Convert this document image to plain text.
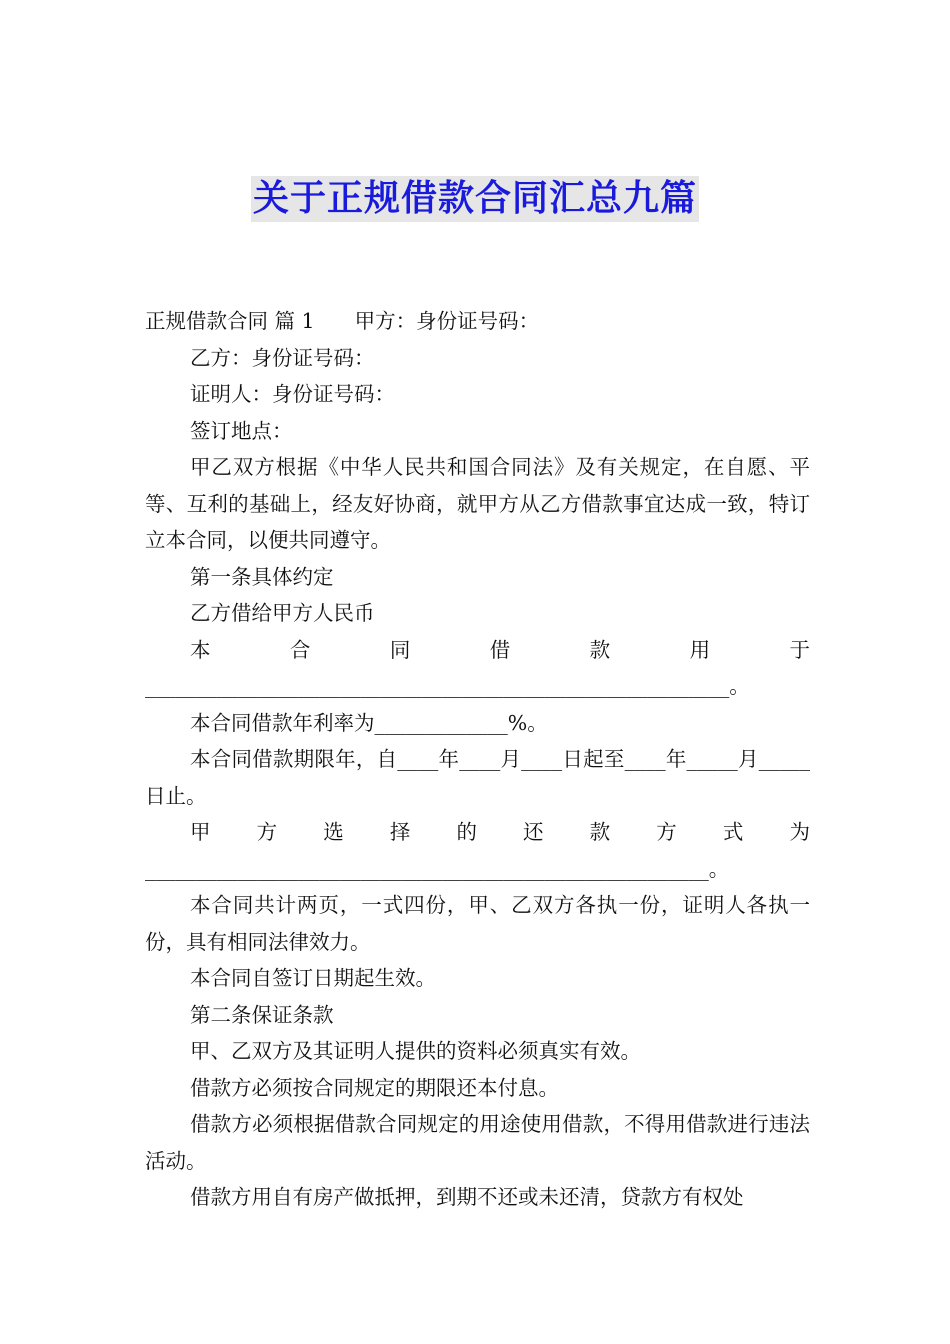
关于正规借款合同汇总九篇

正规借款合同 篇 1 甲方：身份证号码：

乙方：身份证号码：

证明人：身份证号码：

签订地点：

甲乙双方根据《中华人民共和国合同法》及有关规定，在自愿、平等、互利的基础上，经友好协商，就甲方从乙方借款事宜达成一致，特订立本合同，以便共同遵守。

第一条具体约定

乙方借给甲方人民币

本合同借款用于_________________________________________________________。

本合同借款年利率为_____________%。

本合同借款期限年，自____年____月____日起至____年_____月_____日止。

甲方选择的还款方式为_______________________________________________________。

本合同共计两页，一式四份，甲、乙双方各执一份，证明人各执一份，具有相同法律效力。

本合同自签订日期起生效。

第二条保证条款

甲、乙双方及其证明人提供的资料必须真实有效。

借款方必须按合同规定的期限还本付息。

借款方必须根据借款合同规定的用途使用借款，不得用借款进行违法活动。

借款方用自有房产做抵押，到期不还或未还清，贷款方有权处
